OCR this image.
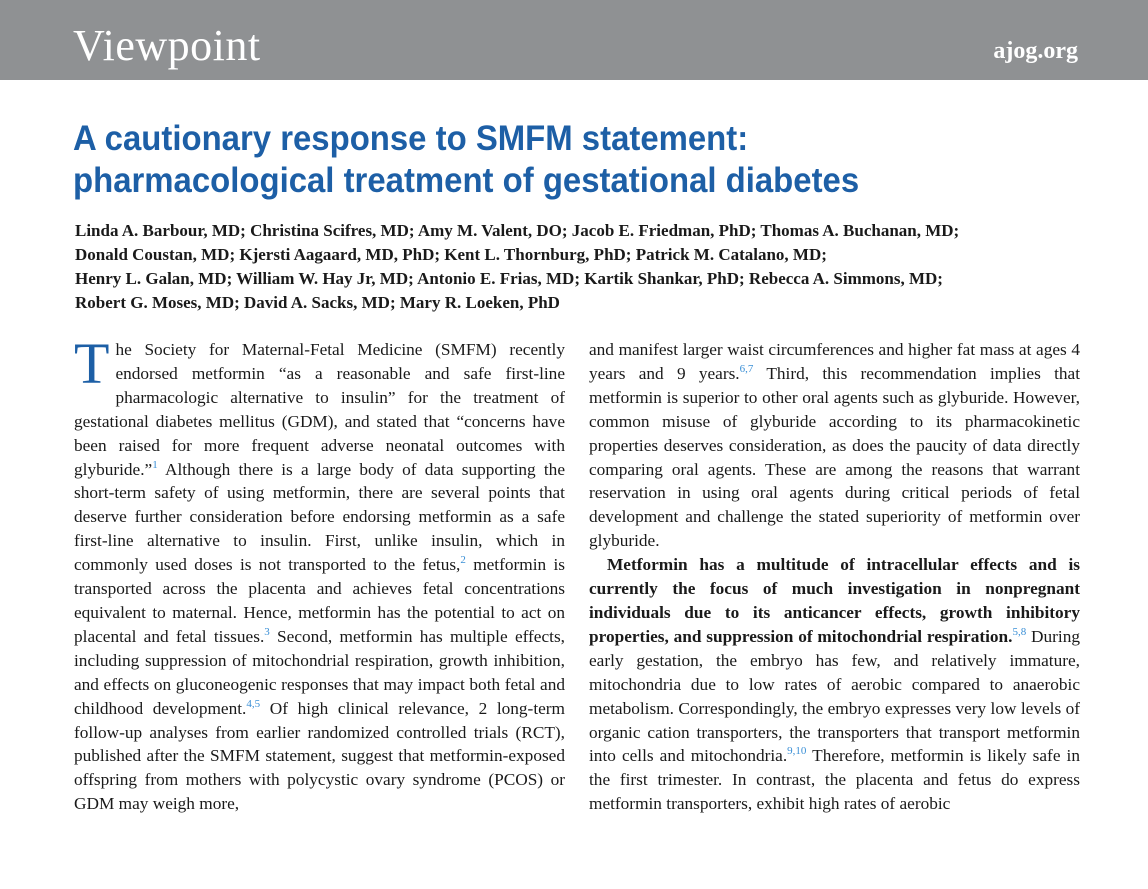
Viewpoint	ajog.org
A cautionary response to SMFM statement:
pharmacological treatment of gestational diabetes
Linda A. Barbour, MD; Christina Scifres, MD; Amy M. Valent, DO; Jacob E. Friedman, PhD; Thomas A. Buchanan, MD;
Donald Coustan, MD; Kjersti Aagaard, MD, PhD; Kent L. Thornburg, PhD; Patrick M. Catalano, MD;
Henry L. Galan, MD; William W. Hay Jr, MD; Antonio E. Frias, MD; Kartik Shankar, PhD; Rebecca A. Simmons, MD;
Robert G. Moses, MD; David A. Sacks, MD; Mary R. Loeken, PhD

The Society for Maternal-Fetal Medicine (SMFM) recently endorsed metformin “as a reasonable and safe first-line pharmacologic alternative to insulin” for the treatment of gestational diabetes mellitus (GDM), and stated that “concerns have been raised for more frequent adverse neonatal outcomes with glyburide.”$^1$ Although there is a large body of data supporting the short-term safety of using metformin, there are several points that deserve further consideration before endorsing metformin as a safe first-line alternative to insulin. First, unlike insulin, which in commonly used doses is not transported to the fetus,$^2$ metformin is transported across the placenta and achieves fetal concentrations equivalent to maternal. Hence, metformin has the potential to act on placental and fetal tissues.$^3$ Second, metformin has multiple effects, including suppression of mitochondrial respiration, growth inhibition, and effects on gluconeogenic responses that may impact both fetal and childhood development.$^{4,5}$ Of high clinical relevance, 2 long-term follow-up analyses from earlier randomized controlled trials (RCT), published after the SMFM statement, suggest that metformin-exposed offspring from mothers with polycystic ovary syndrome (PCOS) or GDM may weigh more,

and manifest larger waist circumferences and higher fat mass at ages 4 years and 9 years.$^{6,7}$ Third, this recommendation implies that metformin is superior to other oral agents such as glyburide. However, common misuse of glyburide according to its pharmacokinetic properties deserves consideration, as does the paucity of data directly comparing oral agents. These are among the reasons that warrant reservation in using oral agents during critical periods of fetal development and challenge the stated superiority of metformin over glyburide.

Metformin has a multitude of intracellular effects and is currently the focus of much investigation in nonpregnant individuals due to its anticancer effects, growth inhibitory properties, and suppression of mitochondrial respiration.$^{5,8}$ During early gestation, the embryo has few, and relatively immature, mitochondria due to low rates of aerobic compared to anaerobic metabolism. Correspondingly, the embryo expresses very low levels of organic cation transporters, the transporters that transport metformin into cells and mitochondria.$^{9,10}$ Therefore, metformin is likely safe in the first trimester. In contrast, the placenta and fetus do express metformin transporters, exhibit high rates of aerobic
